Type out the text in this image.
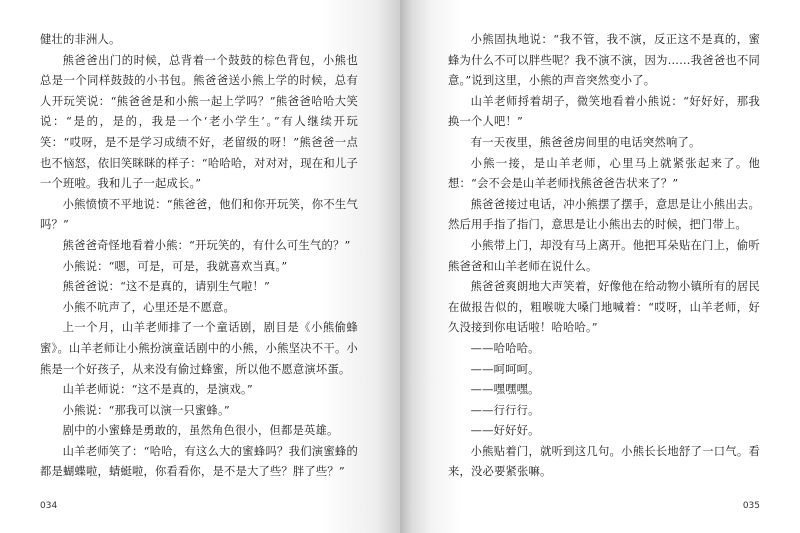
健壮的非洲人。

熊爸爸出门的时候，总背着一个鼓鼓的棕色背包，小熊也总是一个同样鼓鼓的小书包。熊爸爸送小熊上学的时候，总有人开玩笑说：“熊爸爸是和小熊一起上学吗？”熊爸爸哈哈大笑说：“是的，是的，我是一个‘老小学生’。”有人继续开玩笑：“哎呀，是不是学习成绩不好，老留级的呀！”熊爸爸一点也不恼怒，依旧笑眯眯的样子：“哈哈哈，对对对，现在和儿子一个班啦。我和儿子一起成长。”

小熊愤愤不平地说：“熊爸爸，他们和你开玩笑，你不生气吗？”

熊爸爸奇怪地看着小熊：“开玩笑的，有什么可生气的？”

小熊说：“嗯，可是，可是，我就喜欢当真。”

熊爸爸说：“这不是真的，请别生气啦！”

小熊不吭声了，心里还是不愿意。

上一个月，山羊老师排了一个童话剧，剧目是《小熊偷蜂蜜》。山羊老师让小熊扮演童话剧中的小熊，小熊坚决不干。小熊是一个好孩子，从来没有偷过蜂蜜，所以他不愿意演坏蛋。

山羊老师说：“这不是真的，是演戏。”

小熊说：“那我可以演一只蜜蜂。”

剧中的小蜜蜂是勇敢的，虽然角色很小，但都是英雄。

山羊老师笑了：“哈哈，有这么大的蜜蜂吗？我们演蜜蜂的都是蝴蝶啦，蜻蜓啦，你看看你，是不是大了些？胖了些？”

034

小熊固执地说：“我不管，我不演，反正这不是真的，蜜蜂为什么不可以胖些呢？我不演不演，因为……我爸爸也不同意。”说到这里，小熊的声音突然变小了。

山羊老师捋着胡子，微笑地看着小熊说：“好好好，那我换一个人吧！”

有一天夜里，熊爸爸房间里的电话突然响了。

小熊一接，是山羊老师，心里马上就紧张起来了。他想：“会不会是山羊老师找熊爸爸告状来了？”

熊爸爸接过电话，冲小熊摆了摆手，意思是让小熊出去。然后用手指了指门，意思是让小熊出去的时候，把门带上。

小熊带上门，却没有马上离开。他把耳朵贴在门上，偷听熊爸爸和山羊老师在说什么。

熊爸爸爽朗地大声笑着，好像他在给动物小镇所有的居民在做报告似的，粗喉咙大嗓门地喊着：“哎呀，山羊老师，好久没接到你电话啦！哈哈哈。”

——哈哈哈。

——呵呵呵。

——嘿嘿嘿。

——行行行。

——好好好。

小熊贴着门，就听到这几句。小熊长长地舒了一口气。看来，没必要紧张嘛。

035
